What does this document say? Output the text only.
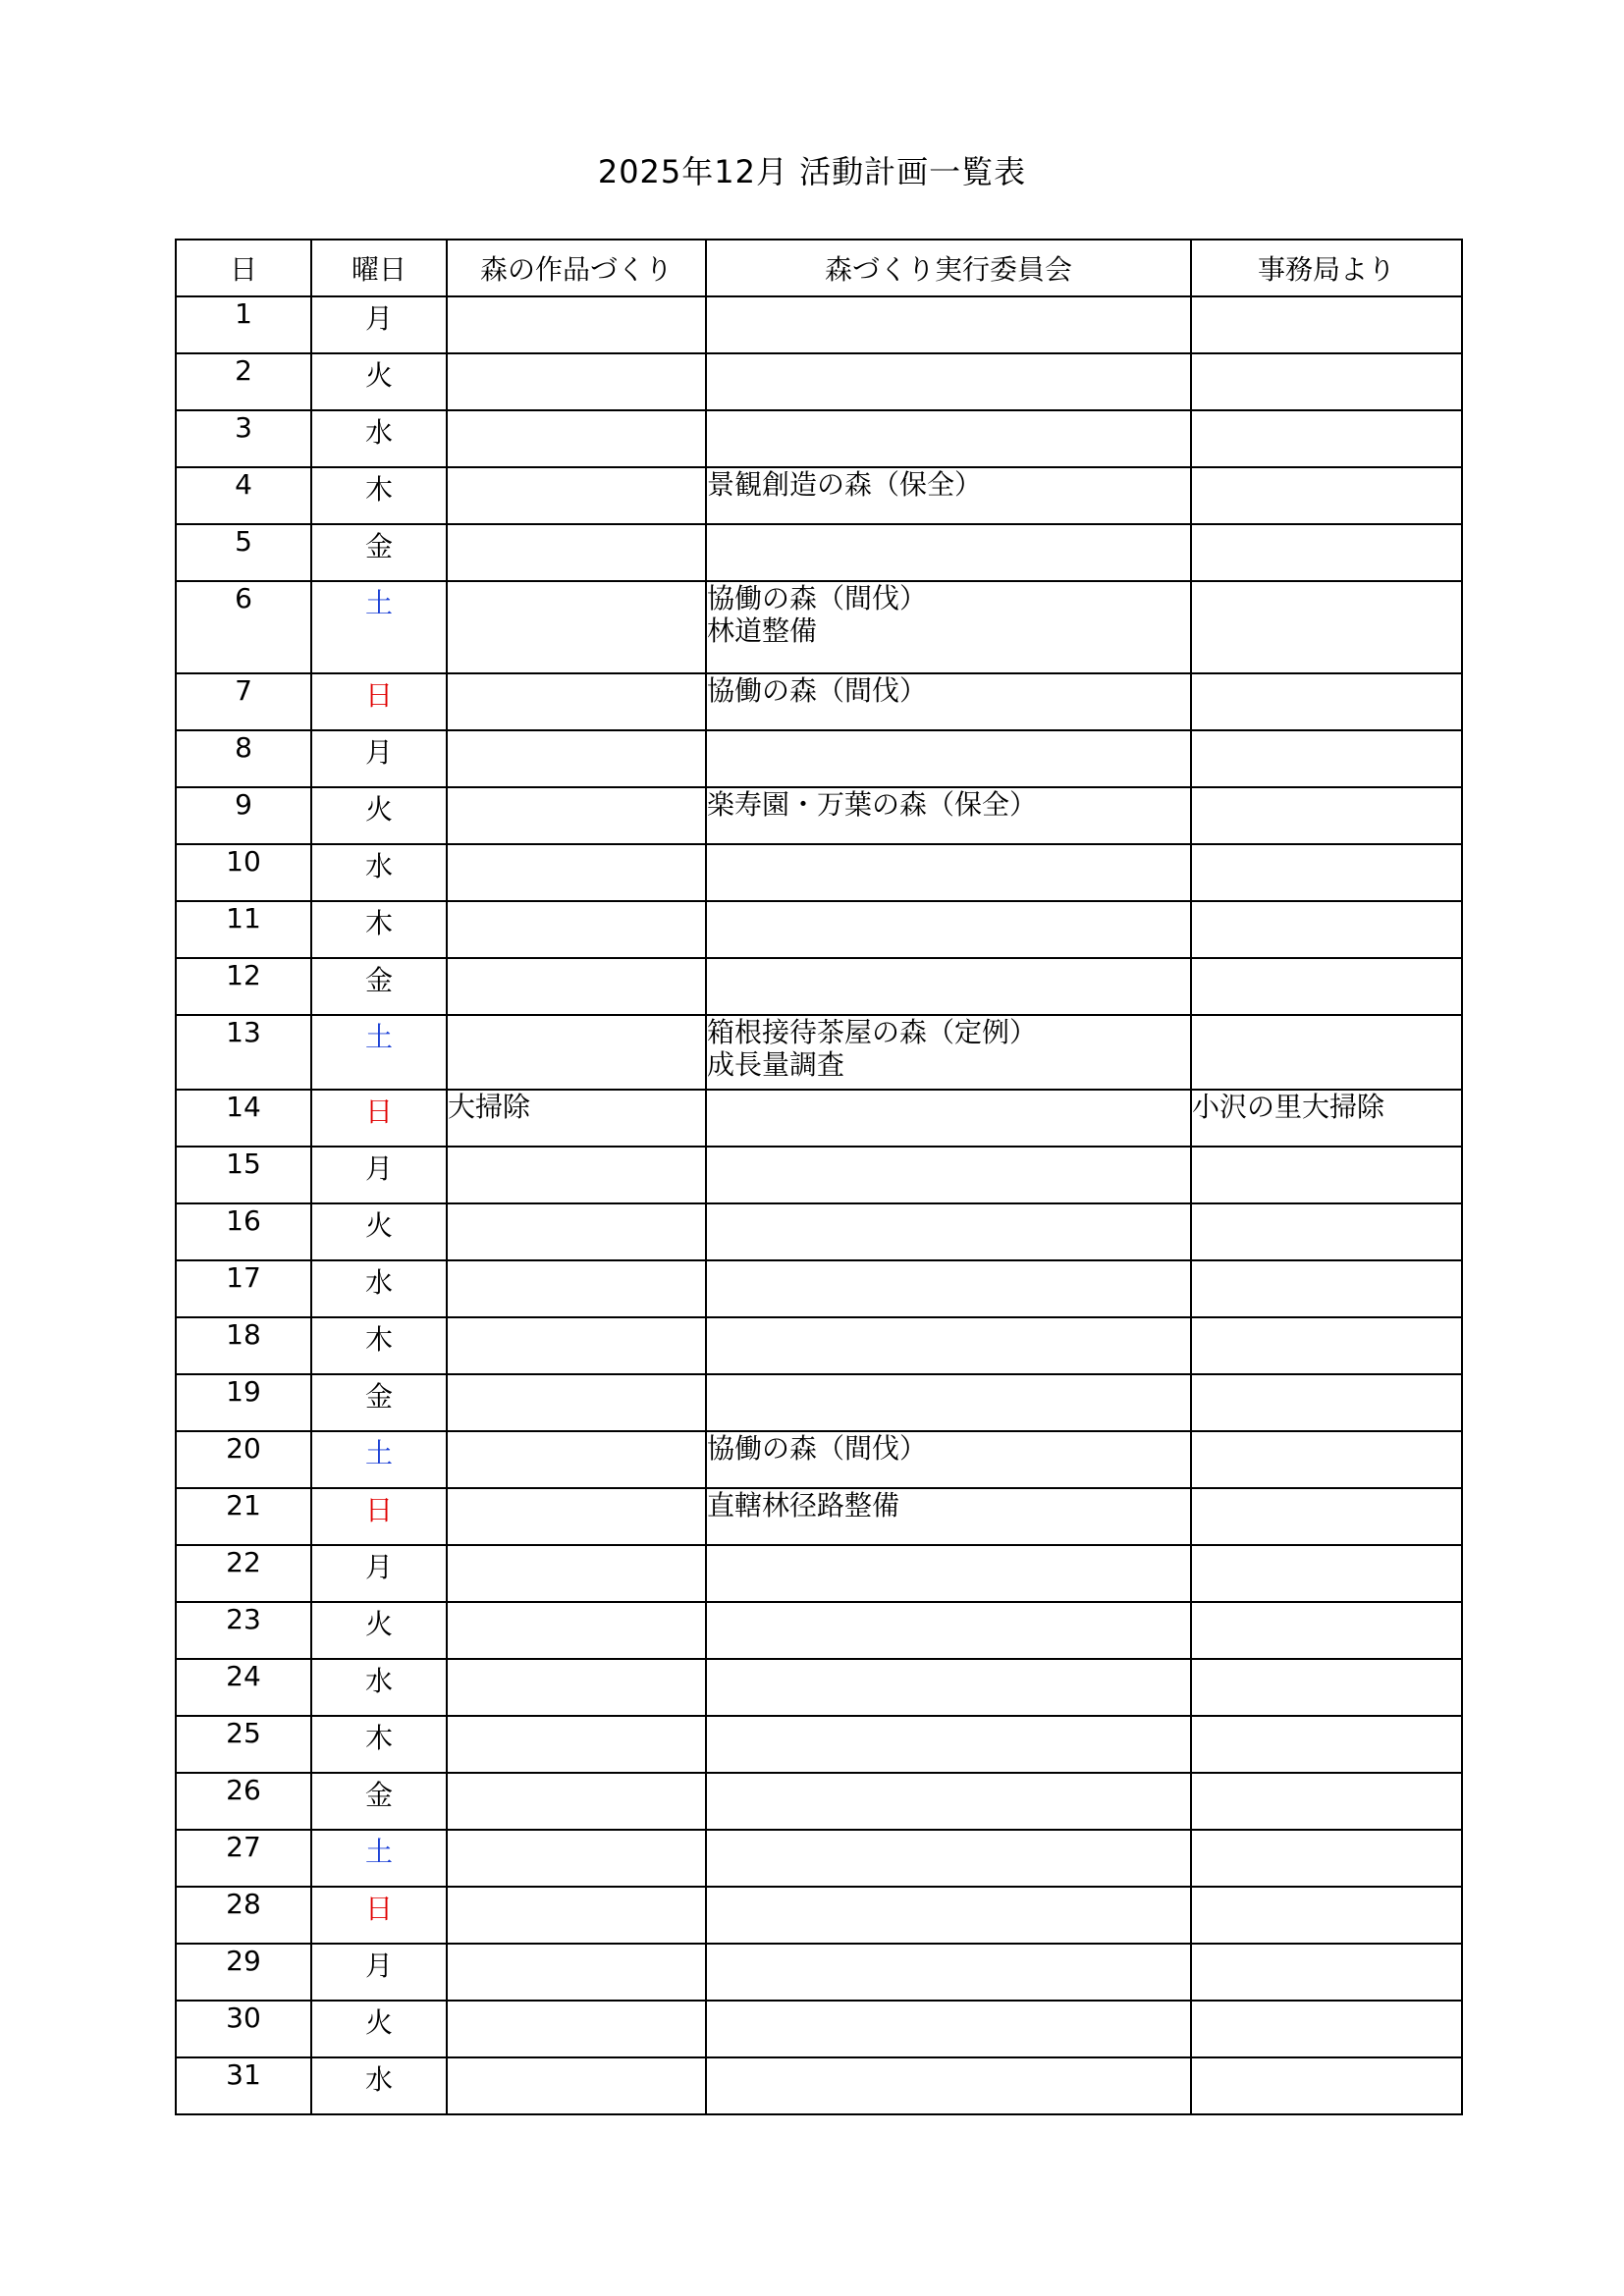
2025年12月 活動計画一覧表
日	曜日	森の作品づくり	森づくり実行委員会	事務局より
1	月			
2	火			
3	水			
4	木		景観創造の森（保全）	

5	金			
6	土		協働の森（間伐）
林道整備	

7	日		協働の森（間伐）	

8	月			
9	火		楽寿園・万葉の森（保全）	

10	水			
11	木			
12	金			
13	土		箱根接待茶屋の森（定例）
成長量調査	

14	日	大掃除		小沢の里大掃除

15	月			
16	火			
17	水			
18	木			
19	金			
20	土		協働の森（間伐）	

21	日		直轄林径路整備	

22	月			
23	火			
24	水			
25	木			
26	金			
27	土			
28	日			
29	月			
30	火			
31	水			
